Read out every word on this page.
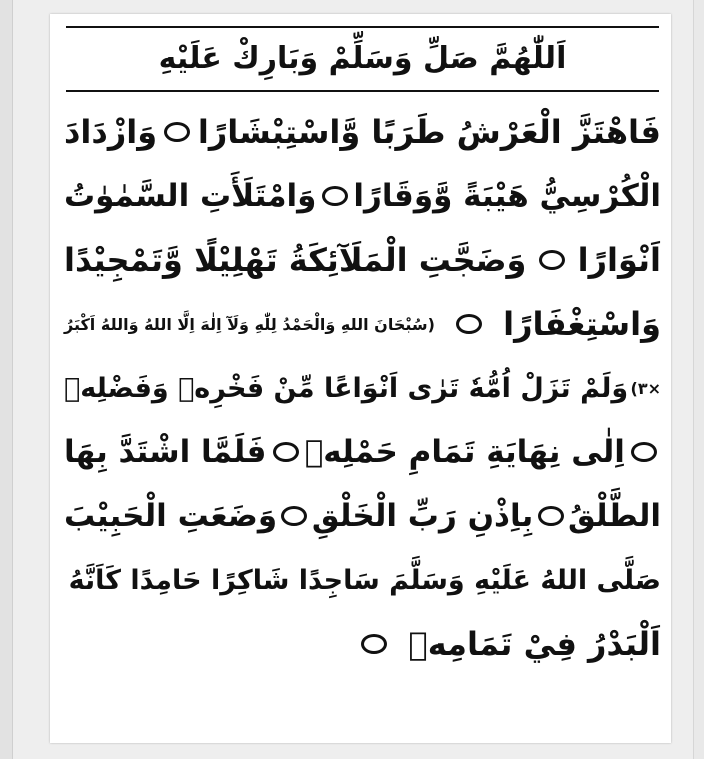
اَللّٰهُمَّ صَلِّ وَسَلِّمْ وَبَارِكْ عَلَيْهِ
فَاهْتَزَّ الْعَرْشُ طَرَبًا وَّاسْتِبْشَارًا
وَازْدَادَ
الْكُرْسِيُّ هَيْبَةً وَّوَقَارًا
وَامْتَلَأَتِ السَّمٰوٰتُ
اَنْوَارًا
وَضَجَّتِ الْمَلَآئِكَةُ تَهْلِيْلًا وَّتَمْجِيْدًا
وَاسْتِغْفَارًا
(سُبْحَانَ اللهِ وَالْحَمْدُ لِلّٰهِ وَلَآ اِلٰهَ اِلَّا اللهُ وَاللهُ اَكْبَرُ
×٣)
وَلَمْ تَزَلْ اُمُّهٗ تَرٰى اَنْوَاعًا مِّنْ فَخْرِهٖ وَفَضْلِهٖ
اِلٰى نِهَايَةِ تَمَامِ حَمْلِهٖ
فَلَمَّا اشْتَدَّ بِهَا
الطَّلْقُ
بِاِذْنِ رَبِّ الْخَلْقِ
وَضَعَتِ الْحَبِيْبَ
صَلَّى اللهُ عَلَيْهِ وَسَلَّمَ سَاجِدًا شَاكِرًا حَامِدًا كَاَنَّهُ
اَلْبَدْرُ فِيْ تَمَامِهٖ
